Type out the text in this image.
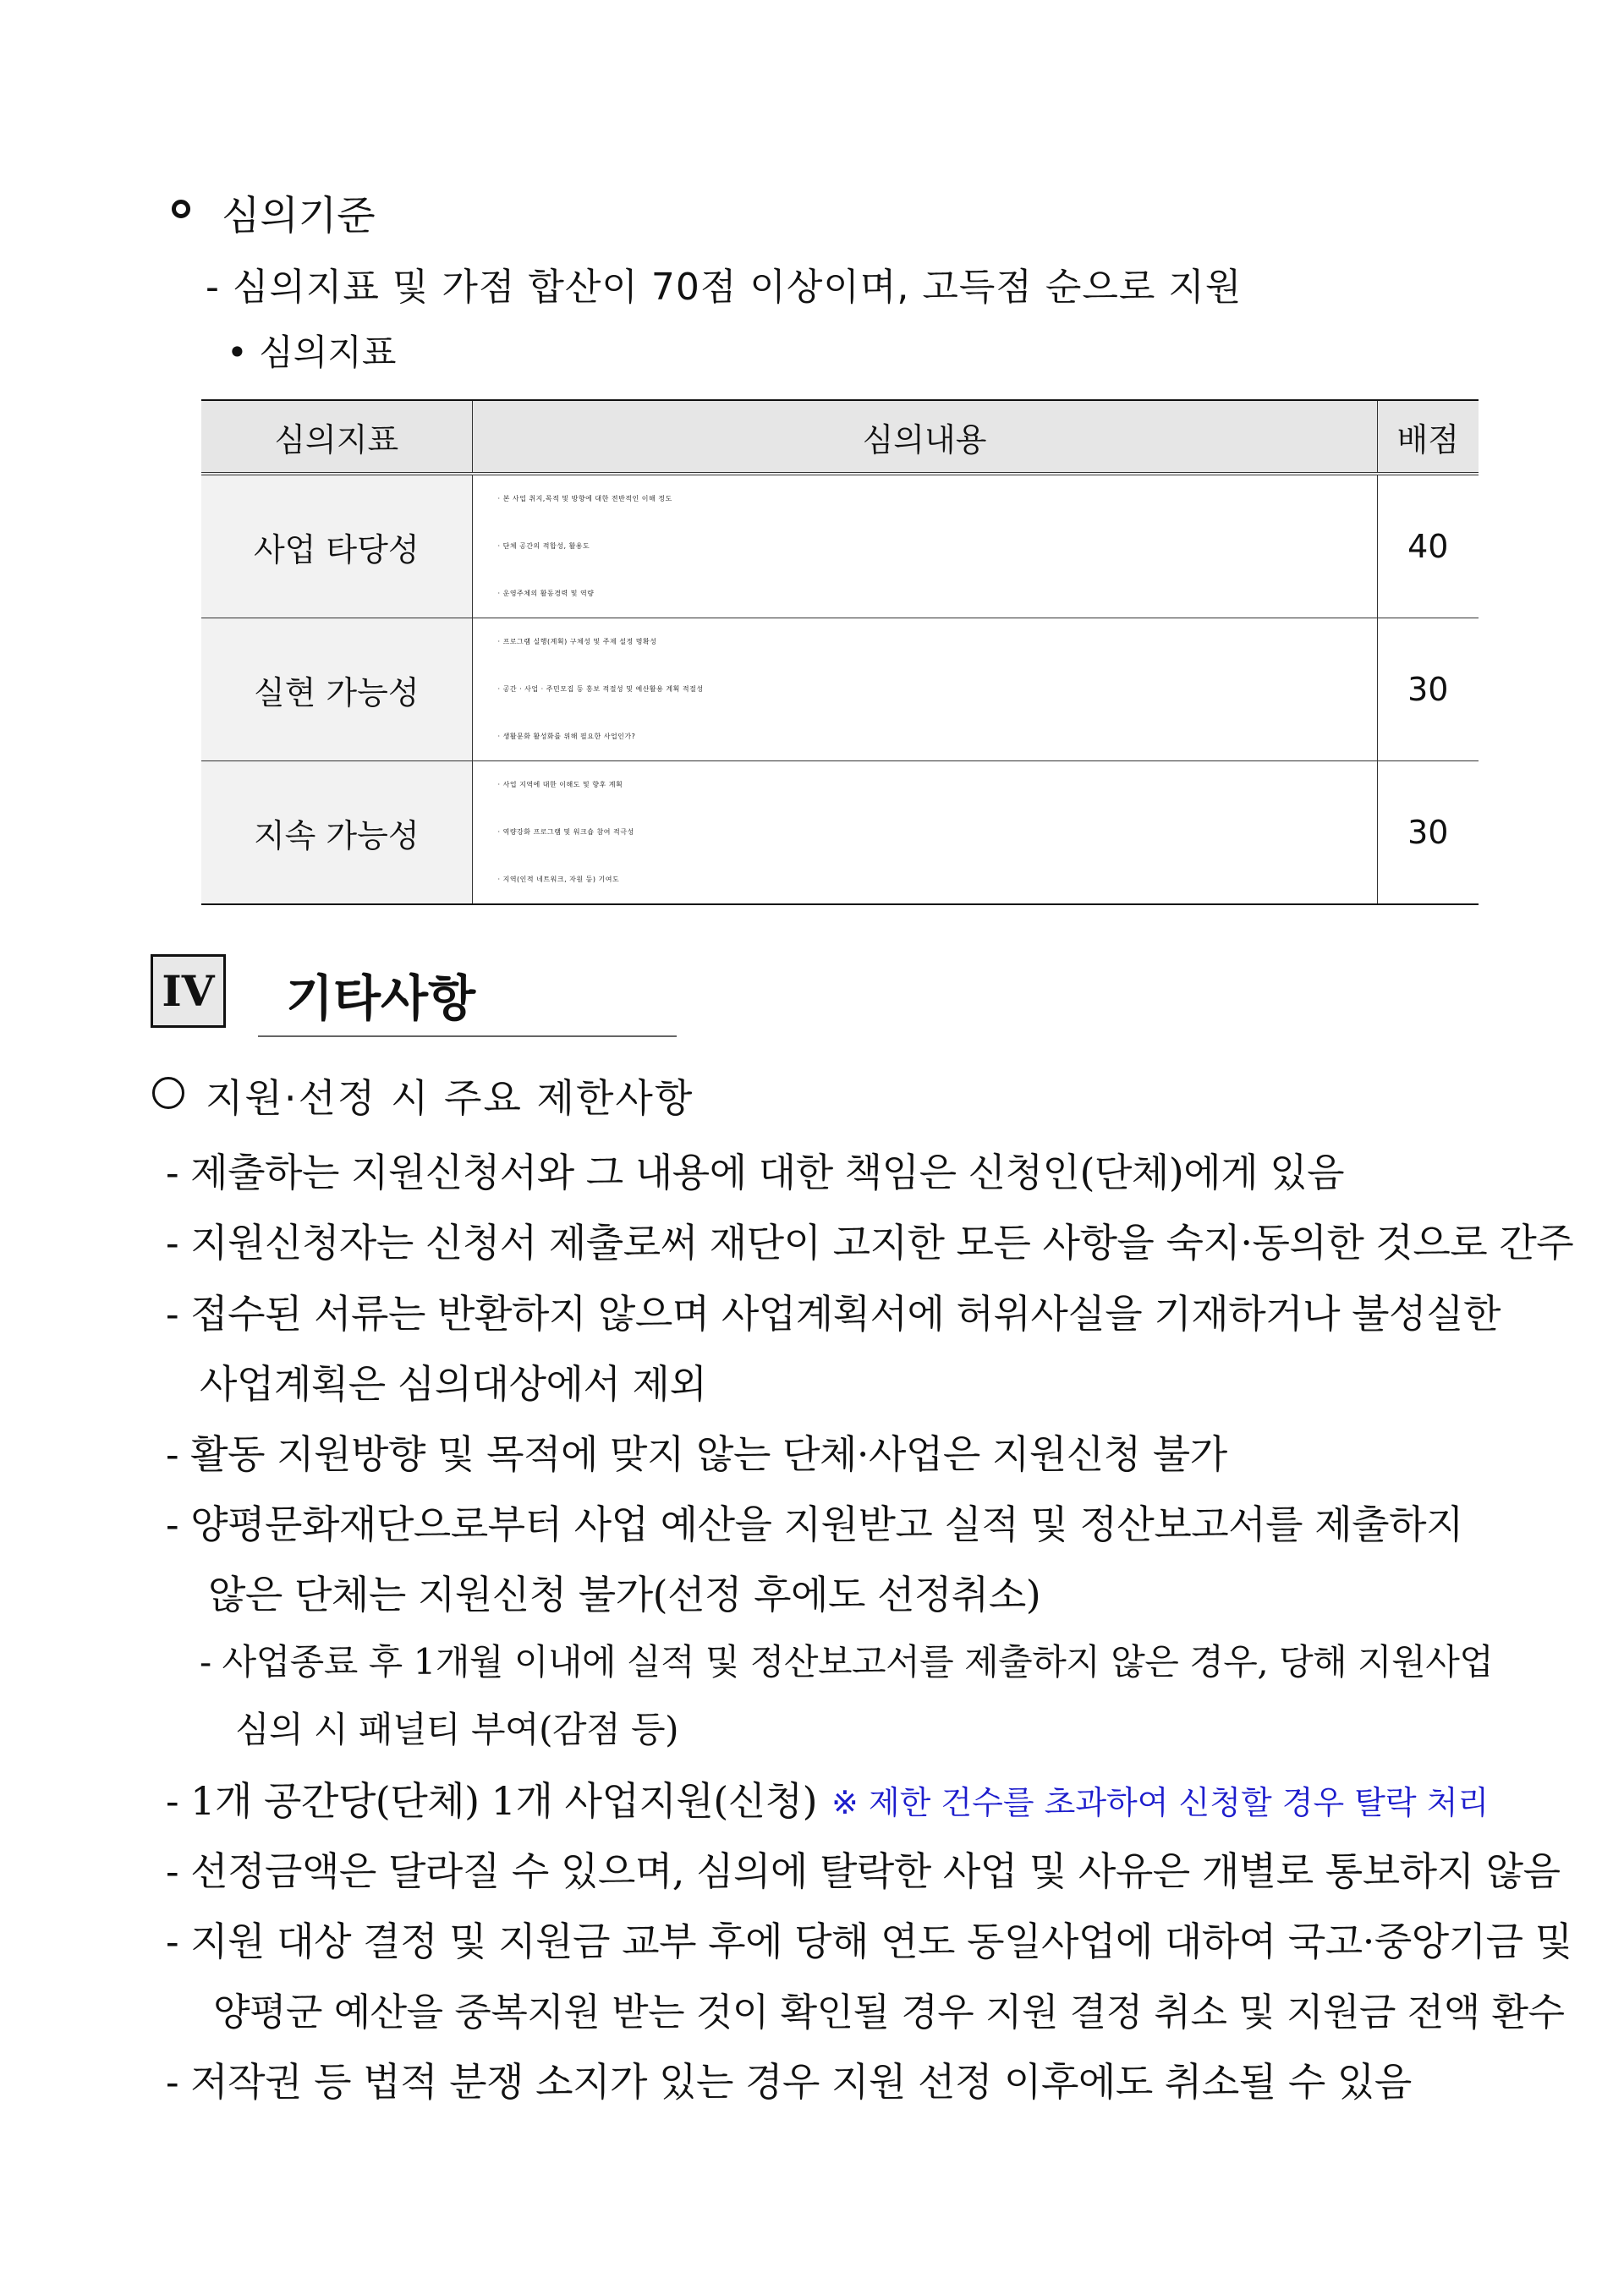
심의기준
- 심의지표 및 가점 합산이 70점 이상이며, 고득점 순으로 지원
• 심의지표
심의지표	심의내용	배점
사업 타당성	· 본 사업 취지,목적 및 방향에 대한 전반적인 이해 정도
· 단체 공간의 적합성, 활용도
· 운영주체의 활동경력 및 역량	40
실현 가능성	· 프로그램 실행(계획) 구체성 및 주제 설정 명확성
· 공간 · 사업 · 주민모집 등 홍보 적절성 및 예산활용 계획 적절성
· 생활문화 활성화를 위해 필요한 사업인가?	30
지속 가능성	· 사업 지역에 대한 이해도 및 향후 계획
· 역량강화 프로그램 및 워크숍 참여 적극성
· 지역(인적 네트워크, 자원 등) 기여도	30
IV 기타사항
지원·선정 시 주요 제한사항
- 제출하는 지원신청서와 그 내용에 대한 책임은 신청인(단체)에게 있음
- 지원신청자는 신청서 제출로써 재단이 고지한 모든 사항을 숙지·동의한 것으로 간주
- 접수된 서류는 반환하지 않으며 사업계획서에 허위사실을 기재하거나 불성실한
사업계획은 심의대상에서 제외
- 활동 지원방향 및 목적에 맞지 않는 단체·사업은 지원신청 불가
- 양평문화재단으로부터 사업 예산을 지원받고 실적 및 정산보고서를 제출하지
않은 단체는 지원신청 불가(선정 후에도 선정취소)
- 사업종료 후 1개월 이내에 실적 및 정산보고서를 제출하지 않은 경우, 당해 지원사업
심의 시 패널티 부여(감점 등)
- 1개 공간당(단체) 1개 사업지원(신청) ※ 제한 건수를 초과하여 신청할 경우 탈락 처리
- 선정금액은 달라질 수 있으며, 심의에 탈락한 사업 및 사유은 개별로 통보하지 않음
- 지원 대상 결정 및 지원금 교부 후에 당해 연도 동일사업에 대하여 국고·중앙기금 및
양평군 예산을 중복지원 받는 것이 확인될 경우 지원 결정 취소 및 지원금 전액 환수
- 저작권 등 법적 분쟁 소지가 있는 경우 지원 선정 이후에도 취소될 수 있음
